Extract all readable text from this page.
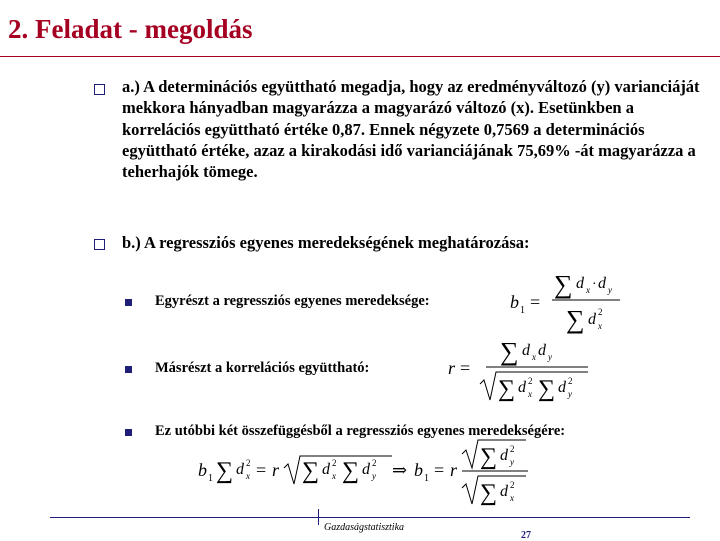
2. Feladat - megoldás
a.) A determinációs együttható megadja, hogy az eredményváltozó (y) varianciáját mekkora hányadban magyarázza a magyarázó változó (x). Esetünkben a korrelációs együttható értéke 0,87. Ennek négyzete 0,7569 a determinációs együttható értéke, azaz a kirakodási idő varianciájának 75,69% -át magyarázza a teherhajók tömege.
b.) A regressziós egyenes meredekségének meghatározása:
Egyrészt a regressziós egyenes meredeksége:	b 1 =
∑ d x · d y
∑ d 2
x
Másrészt a korrelációs együttható:	r =
∑ d x d y
∑ d 2
x ∑ d 2
y
Ez utóbbi két összefüggésből a regressziós egyenes meredekségére:
b 1 ∑ d 2
x = r ∑ d 2
x ∑ d 2
y ⇒ b 1 = r ∑ d 2
y
∑ d 2
x
Gazdaságstatisztika
27
